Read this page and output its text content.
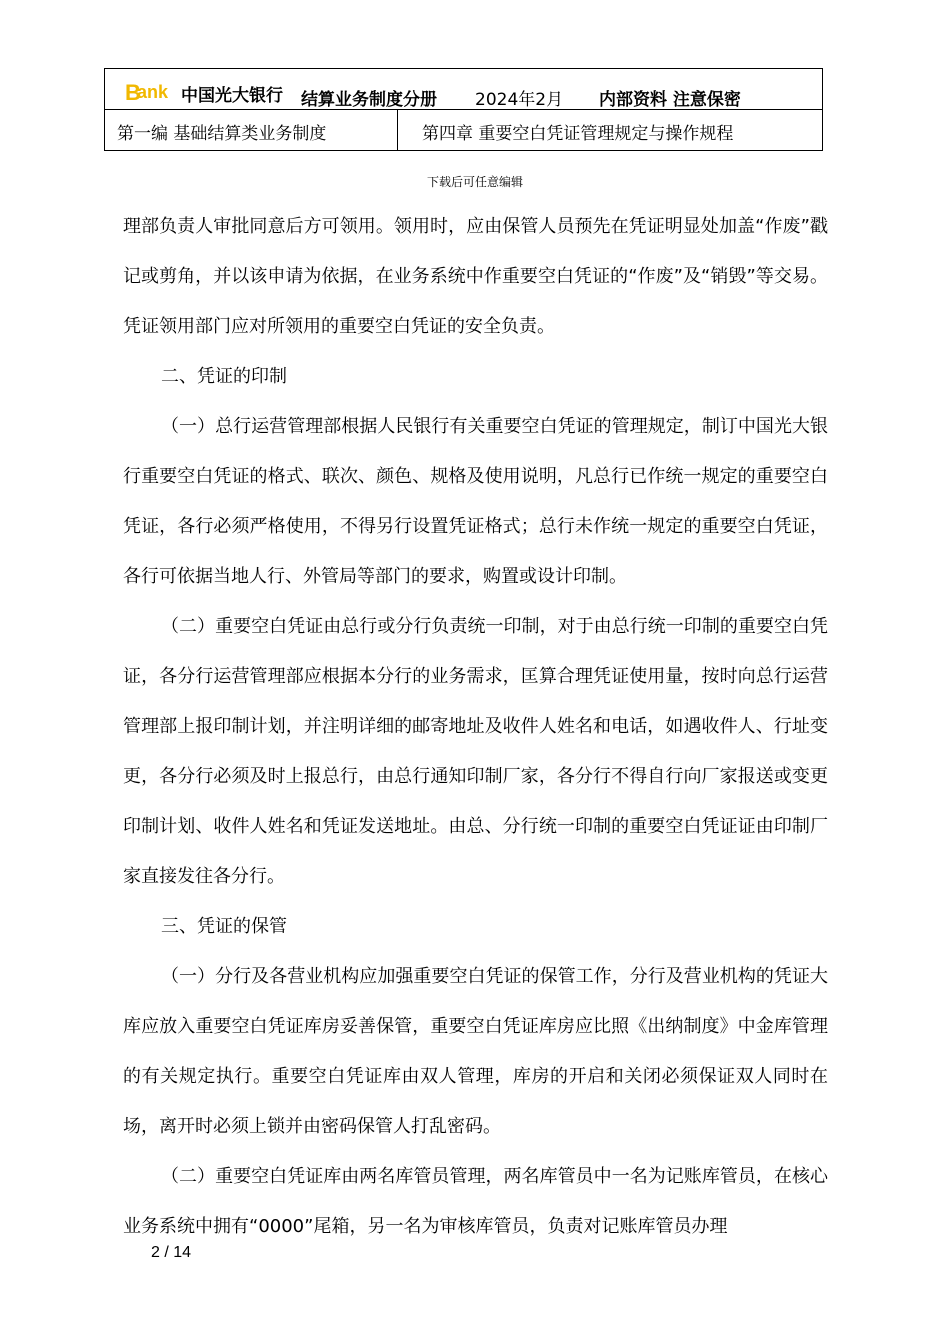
B
ank 中国光大银行 结算业务制度分册 2024年2月 内部资料 注意保密
第一编 基础结算类业务制度	第四章 重要空白凭证管理规定与操作规程
下载后可任意编辑

理部负责人审批同意后方可领用。领用时，应由保管人员预先在凭证明显处加盖“作废”戳记或剪角，并以该申请为依据，在业务系统中作重要空白凭证的“作废”及“销毁”等交易。凭证领用部门应对所领用的重要空白凭证的安全负责。

二、凭证的印制

（一）总行运营管理部根据人民银行有关重要空白凭证的管理规定，制订中国光大银行重要空白凭证的格式、联次、颜色、规格及使用说明，凡总行已作统一规定的重要空白凭证，各行必须严格使用，不得另行设置凭证格式；总行未作统一规定的重要空白凭证，各行可依据当地人行、外管局等部门的要求，购置或设计印制。

（二）重要空白凭证由总行或分行负责统一印制，对于由总行统一印制的重要空白凭证，各分行运营管理部应根据本分行的业务需求，匡算合理凭证使用量，按时向总行运营管理部上报印制计划，并注明详细的邮寄地址及收件人姓名和电话，如遇收件人、行址变更，各分行必须及时上报总行，由总行通知印制厂家，各分行不得自行向厂家报送或变更印制计划、收件人姓名和凭证发送地址。由总、分行统一印制的重要空白凭证证由印制厂家直接发往各分行。

三、凭证的保管

（一）分行及各营业机构应加强重要空白凭证的保管工作，分行及营业机构的凭证大库应放入重要空白凭证库房妥善保管，重要空白凭证库房应比照《出纳制度》中金库管理的有关规定执行。重要空白凭证库由双人管理，库房的开启和关闭必须保证双人同时在场，离开时必须上锁并由密码保管人打乱密码。

（二）重要空白凭证库由两名库管员管理，两名库管员中一名为记账库管员，在核心业务系统中拥有“0000”尾箱，另一名为审核库管员，负责对记账库管员办理

2 / 14
